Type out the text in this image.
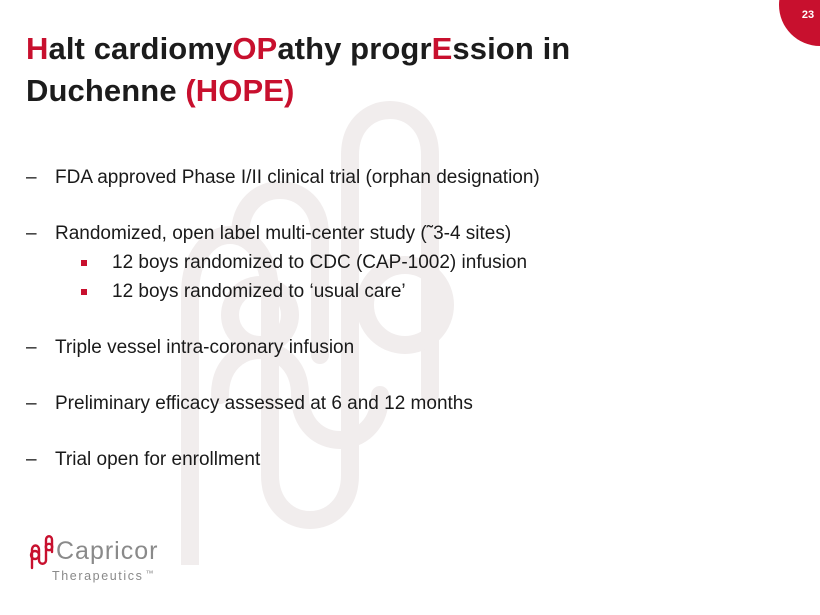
23
Halt cardiomyOPathy progrEssion in
Duchenne (HOPE)
– FDA approved Phase I/II clinical trial (orphan designation)
– Randomized, open label multi-center study (˜3-4 sites)
12 boys randomized to CDC (CAP-1002) infusion
12 boys randomized to ‘usual care’
– Triple vessel intra-coronary infusion
– Preliminary efficacy assessed at 6 and 12 months
– Trial open for enrollment
Capricor
Therapeutics ™
